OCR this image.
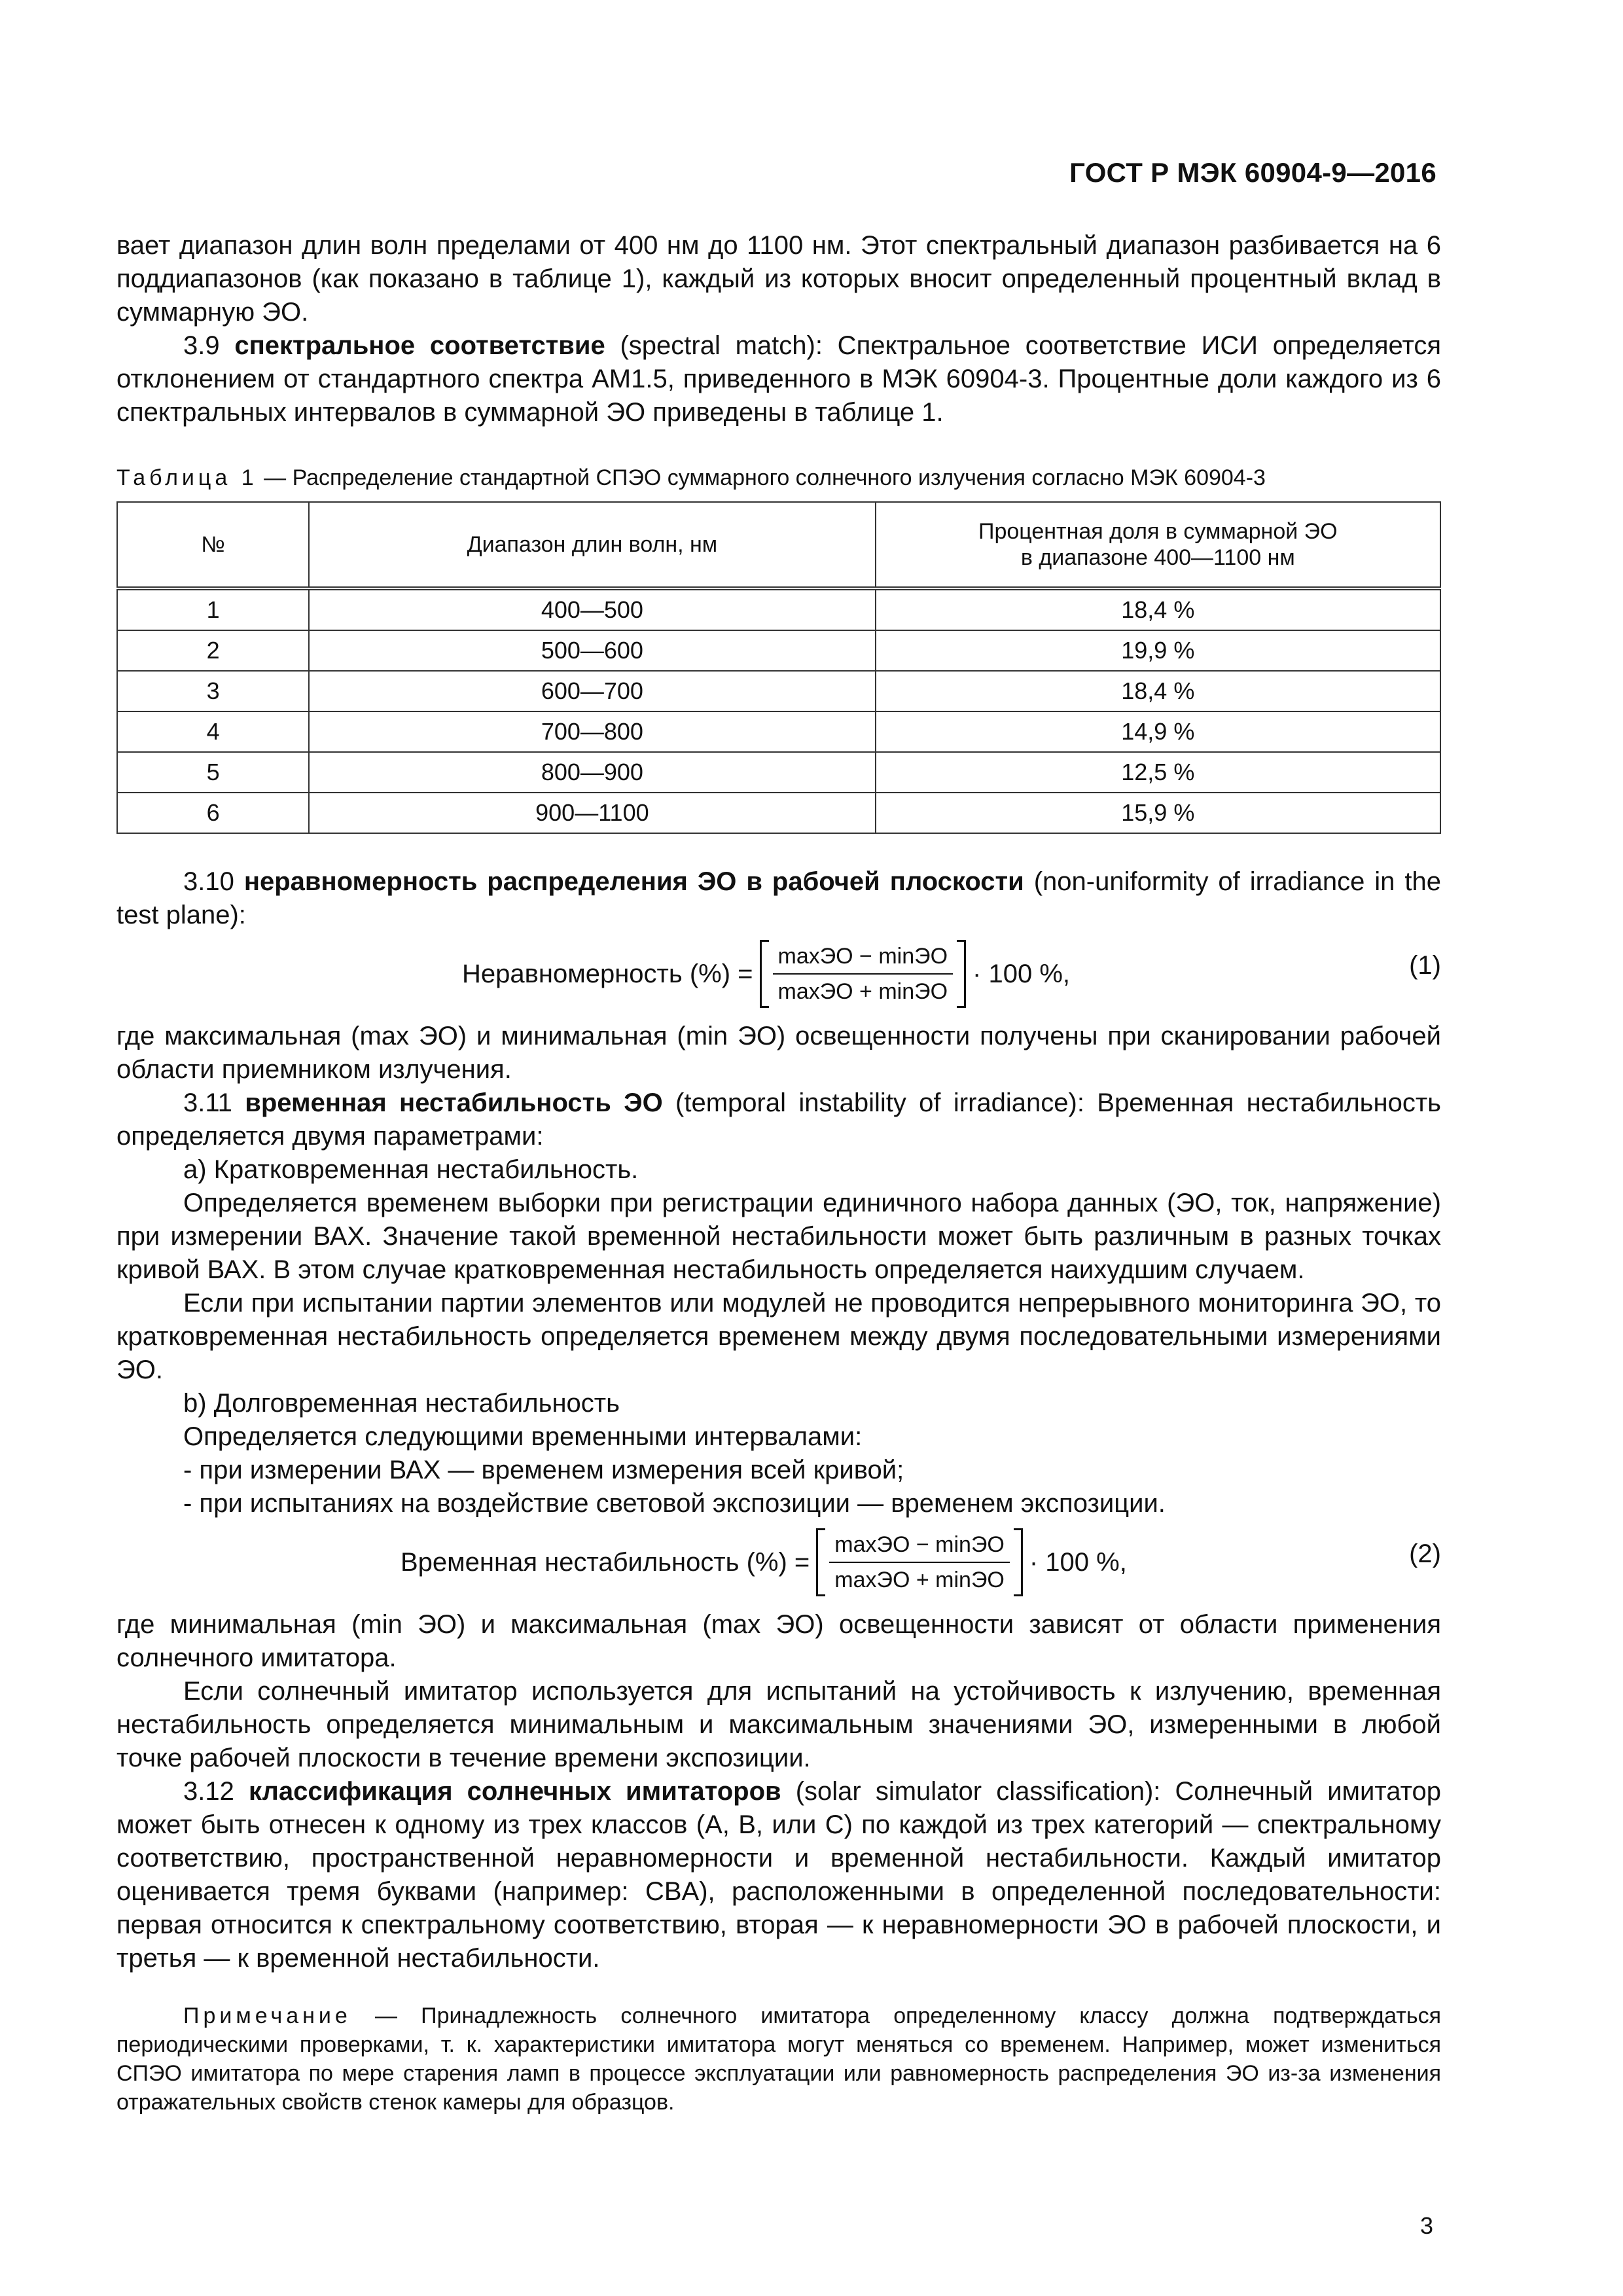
ГОСТ Р МЭК 60904-9—2016

вает диапазон длин волн пределами от 400 нм до 1100 нм. Этот спектральный диапазон разбивается на 6 поддиапазонов (как показано в таблице 1), каждый из которых вносит определенный процентный вклад в суммарную ЭО.

3.9 спектральное соответствие (spectral match): Спектральное соответствие ИСИ определяется отклонением от стандартного спектра AM1.5, приведенного в МЭК 60904-3. Процентные доли каждого из 6 спектральных интервалов в суммарной ЭО приведены в таблице 1.

Таблица 1 — Распределение стандартной СПЭО суммарного солнечного излучения согласно МЭК 60904-3

№	Диапазон длин волн, нм	Процентная доля в суммарной ЭО
в диапазоне 400—1100 нм
1	400—500	18,4 %
2	500—600	19,9 %
3	600—700	18,4 %
4	700—800	14,9 %
5	800—900	12,5 %
6	900—1100	15,9 %

3.10 неравномерность распределения ЭО в рабочей плоскости (non-uniformity of irradiance in the test plane):

Неравномерность (%) = $\frac{\max ЭО - \min ЭО}{\max ЭО + \min ЭО} \cdot 100$ %,	(1)

где максимальная (max ЭО) и минимальная (min ЭО) освещенности получены при сканировании рабочей области приемником излучения.

3.11 временная нестабильность ЭО (temporal instability of irradiance): Временная нестабильность определяется двумя параметрами:

а) Кратковременная нестабильность.

Определяется временем выборки при регистрации единичного набора данных (ЭО, ток, напряжение) при измерении ВАХ. Значение такой временной нестабильности может быть различным в разных точках кривой ВАХ. В этом случае кратковременная нестабильность определяется наихудшим случаем.

Если при испытании партии элементов или модулей не проводится непрерывного мониторинга ЭО, то кратковременная нестабильность определяется временем между двумя последовательными измерениями ЭО.

b) Долговременная нестабильность

Определяется следующими временными интервалами:

- при измерении ВАХ — временем измерения всей кривой;

- при испытаниях на воздействие световой экспозиции — временем экспозиции.

Временная нестабильность (%) = $\frac{\max ЭО - \min ЭО}{\max ЭО + \min ЭО} \cdot 100$ %,	(2)

где минимальная (min ЭО) и максимальная (max ЭО) освещенности зависят от области применения солнечного имитатора.

Если солнечный имитатор используется для испытаний на устойчивость к излучению, временная нестабильность определяется минимальным и максимальным значениями ЭО, измеренными в любой точке рабочей плоскости в течение времени экспозиции.

3.12 классификация солнечных имитаторов (solar simulator classification): Солнечный имитатор может быть отнесен к одному из трех классов (A, B, или C) по каждой из трех категорий — спектральному соответствию, пространственной неравномерности и временной нестабильности. Каждый имитатор оценивается тремя буквами (например: CBA), расположенными в определенной последовательности: первая относится к спектральному соответствию, вторая — к неравномерности ЭО в рабочей плоскости, и третья — к временной нестабильности.

Примечание — Принадлежность солнечного имитатора определенному классу должна подтверждаться периодическими проверками, т. к. характеристики имитатора могут меняться со временем. Например, может измениться СПЭО имитатора по мере старения ламп в процессе эксплуатации или равномерность распределения ЭО из-за изменения отражательных свойств стенок камеры для образцов.

3
